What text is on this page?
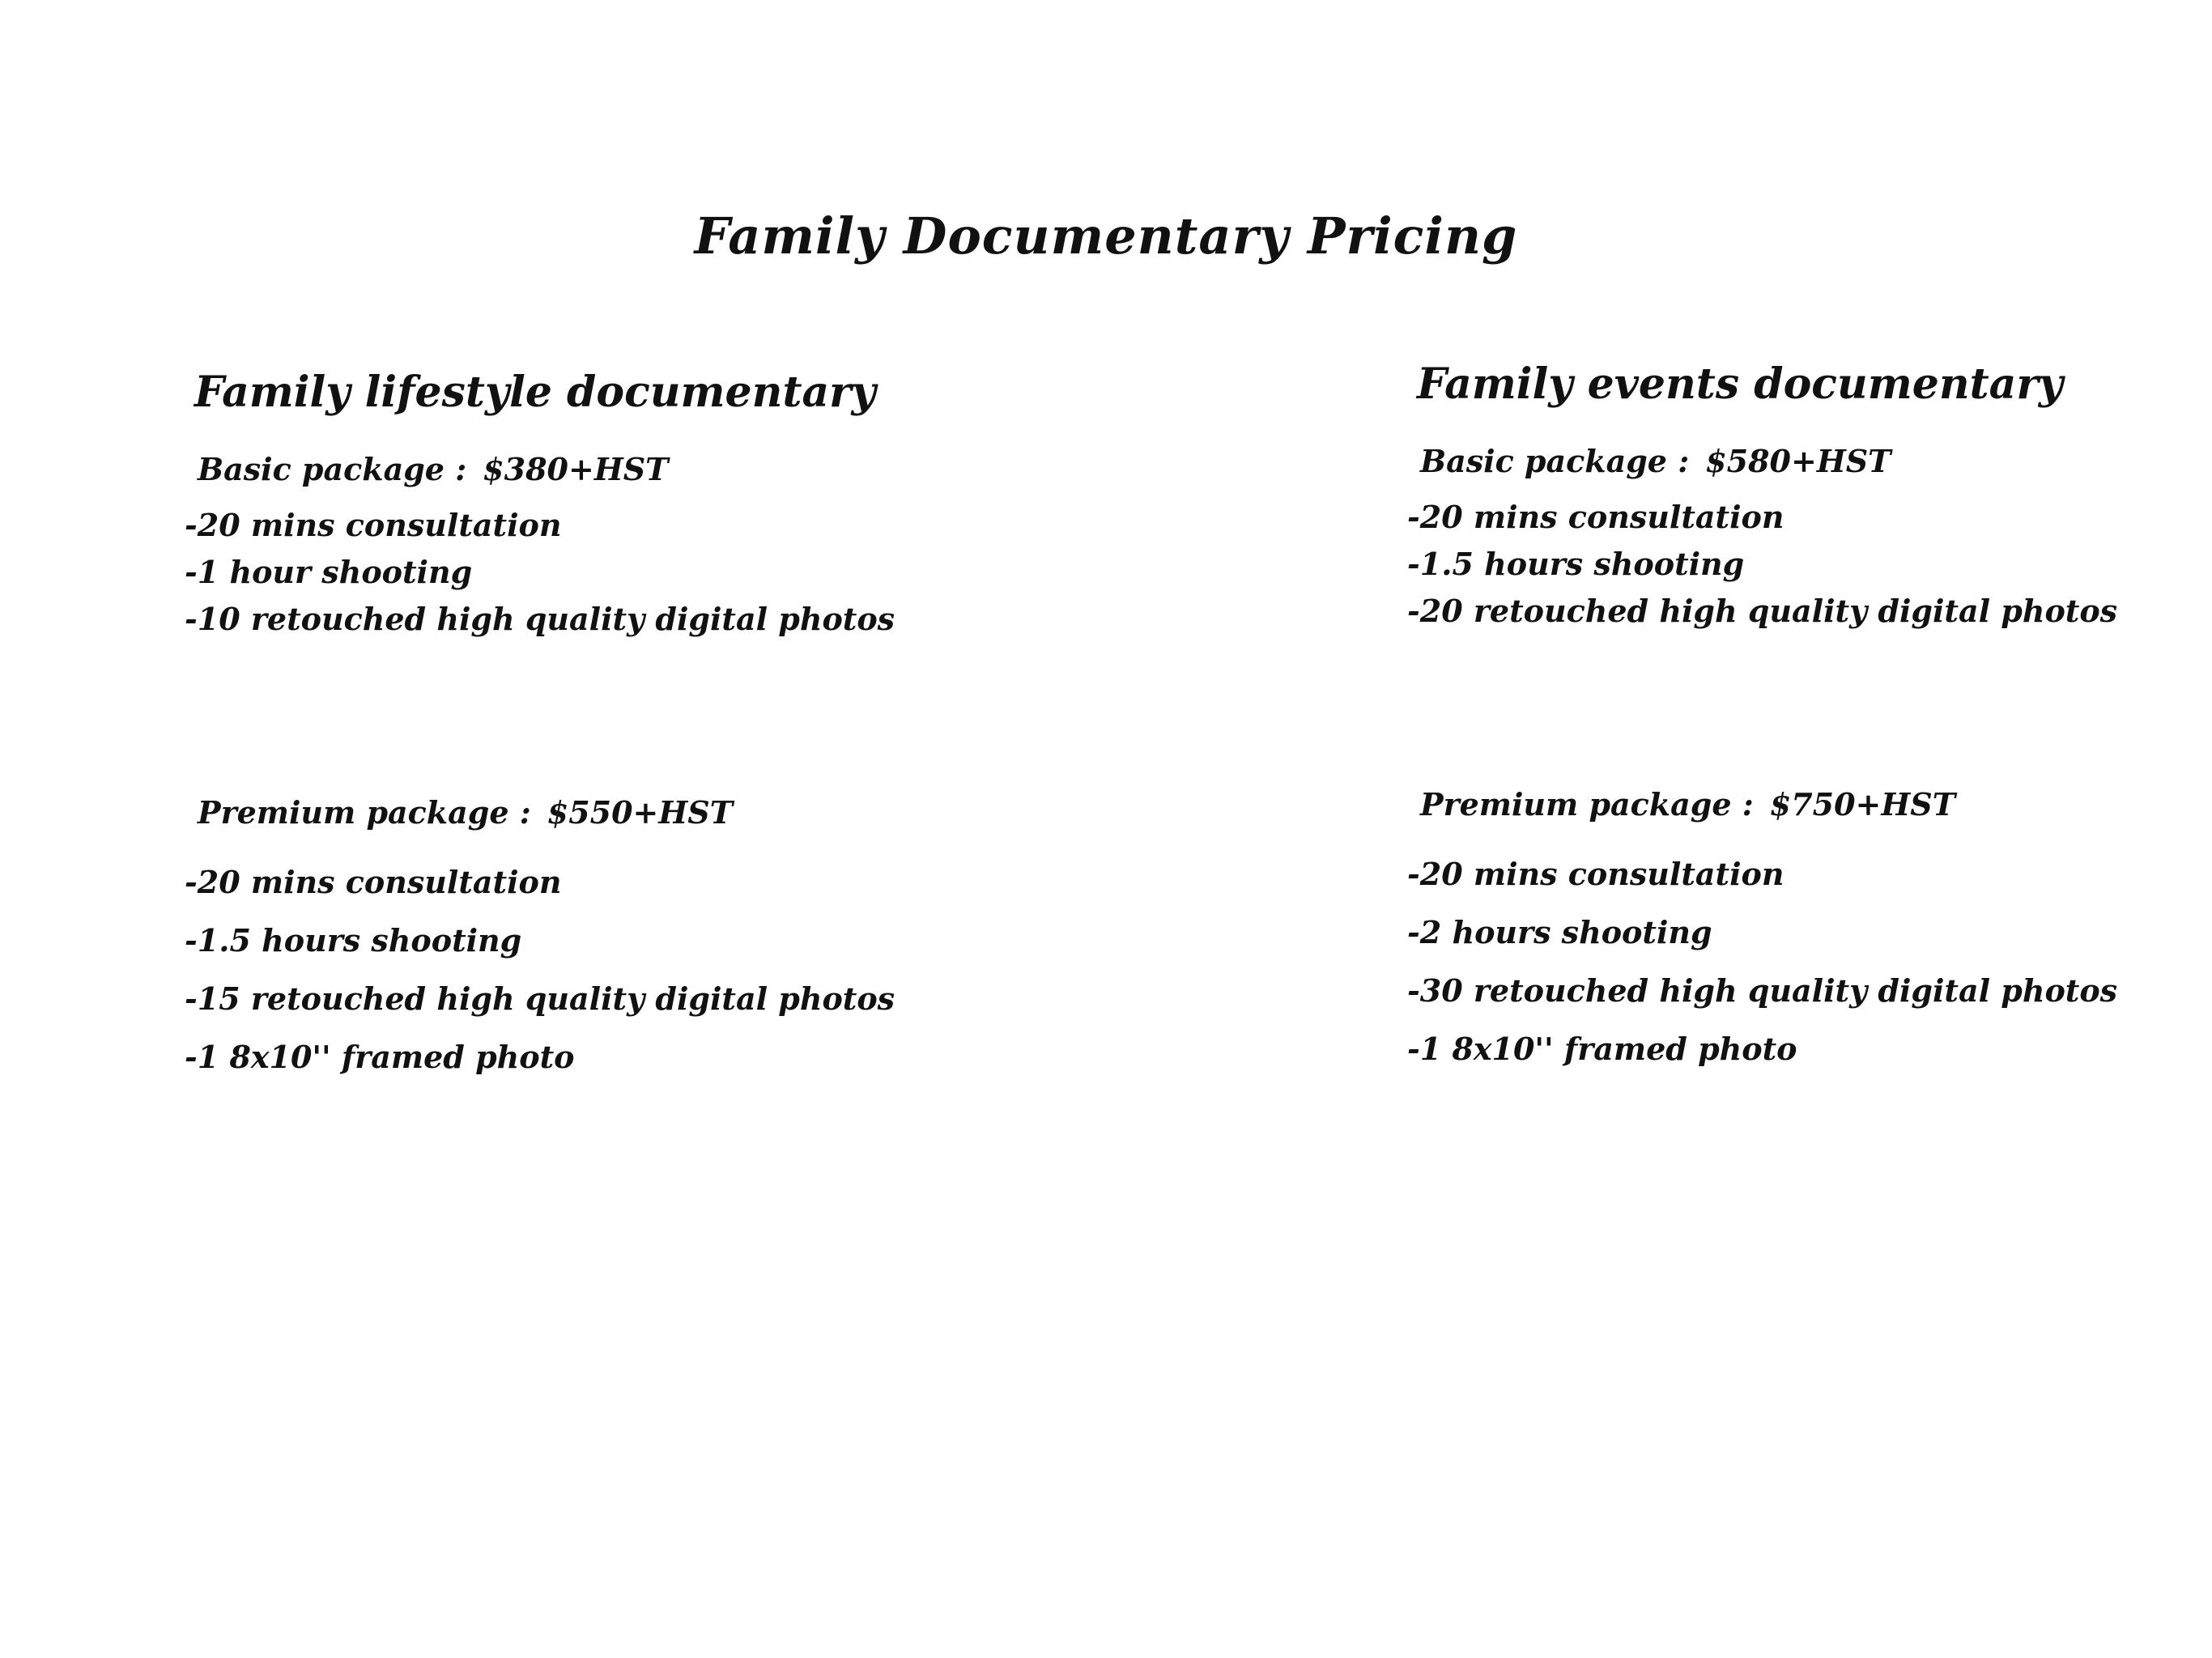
Family Documentary Pricing
Family lifestyle documentary
Basic package : $380+HST
-20 mins consultation
-1 hour shooting
-10 retouched high quality digital photos
Premium package : $550+HST
-20 mins consultation
-1.5 hours shooting
-15 retouched high quality digital photos
-1 8x10'' framed photo
Family events documentary
Basic package : $580+HST
-20 mins consultation
-1.5 hours shooting
-20 retouched high quality digital photos
Premium package : $750+HST
-20 mins consultation
-2 hours shooting
-30 retouched high quality digital photos
-1 8x10'' framed photo
